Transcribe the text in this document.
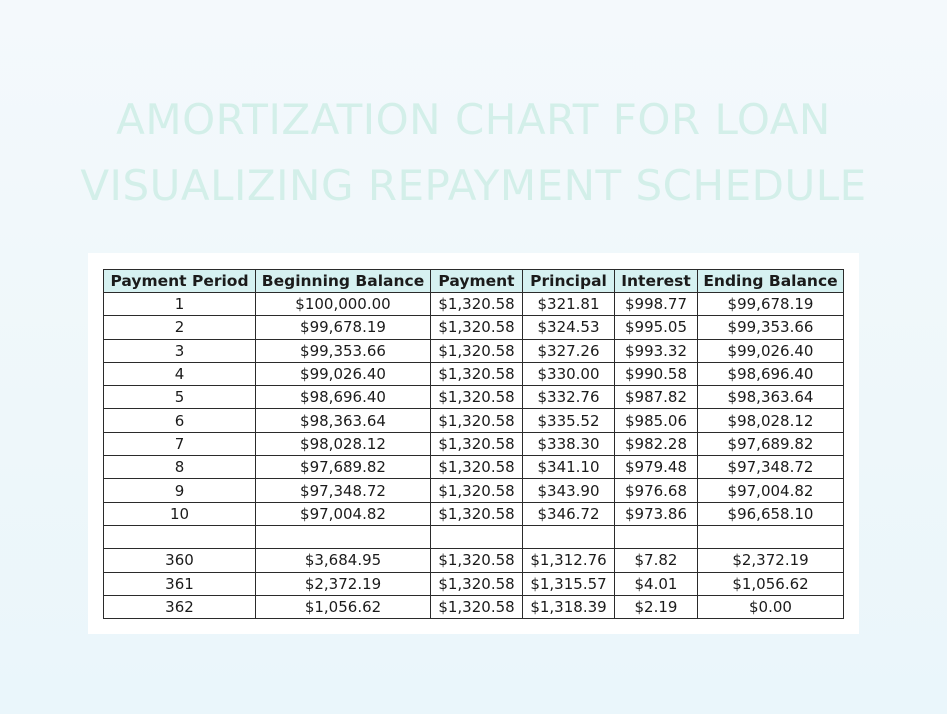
AMORTIZATION CHART FOR LOAN
VISUALIZING REPAYMENT SCHEDULE
Payment Period	Beginning Balance	Payment	Principal	Interest	Ending Balance
1	$100,000.00	$1,320.58	$321.81	$998.77	$99,678.19
2	$99,678.19	$1,320.58	$324.53	$995.05	$99,353.66
3	$99,353.66	$1,320.58	$327.26	$993.32	$99,026.40
4	$99,026.40	$1,320.58	$330.00	$990.58	$98,696.40
5	$98,696.40	$1,320.58	$332.76	$987.82	$98,363.64
6	$98,363.64	$1,320.58	$335.52	$985.06	$98,028.12
7	$98,028.12	$1,320.58	$338.30	$982.28	$97,689.82
8	$97,689.82	$1,320.58	$341.10	$979.48	$97,348.72
9	$97,348.72	$1,320.58	$343.90	$976.68	$97,004.82
10	$97,004.82	$1,320.58	$346.72	$973.86	$96,658.10

360	$3,684.95	$1,320.58	$1,312.76	$7.82	$2,372.19
361	$2,372.19	$1,320.58	$1,315.57	$4.01	$1,056.62
362	$1,056.62	$1,320.58	$1,318.39	$2.19	$0.00
